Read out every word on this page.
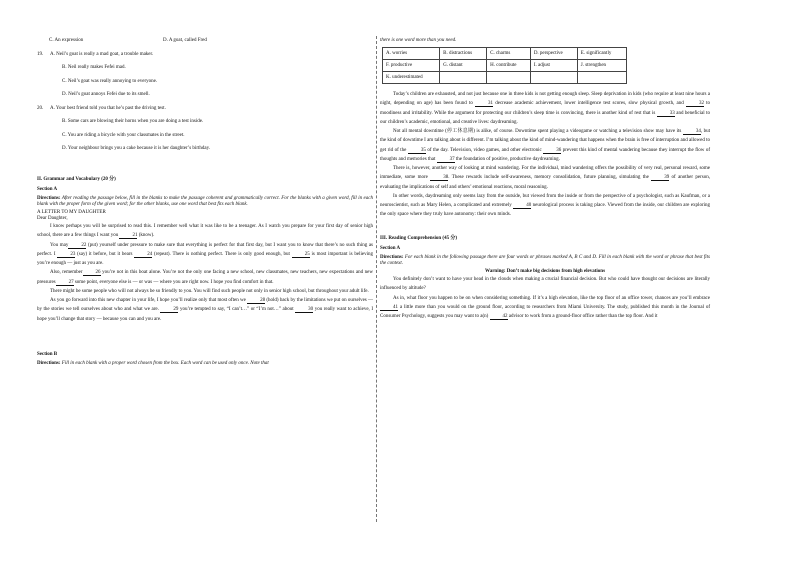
C. An expression	D. A goat, called Fred
19. A. Neil’s goat is really a mad goat, a trouble maker.
B. Neil really makes Fefei mad.
C. Neil’s goat was really annoying to everyone.
D. Neil’s goat annoys Fefei due to its smell.
20. A. Your best friend told you that he’s past the driving test.
B. Some cars are blowing their horns when you are doing a test inside.
C. You are riding a bicycle with your classmates in the street.
D. Your neighbour brings you a cake because it is her daughter’s birthday.
II. Grammar and Vocabulary (20 分)
Section A

Directions: After reading the passage below, fill in the blanks to make the passage coherent and grammatically correct. For the blanks with a given word, fill in each blank with the proper form of the given word; for the other blanks, use one word that best fits each blank.

A LETTER TO MY DAUGHTER

Dear Daughter,

I know perhaps you will be surprised to read this. I remember well what it was like to be a teenager. As I watch you prepare for your first day of senior high school, there are a few things I want you	21 (know).

You may	22 (put) yourself under pressure to make sure that everything is perfect for that first day, but I want you to know that there’s no such thing as perfect. I	23 (say) it before, but it bears	24 (repeat). There is nothing perfect. There is only good enough, but	25 is most important is believing you’re enough — just as you are.

Also, remember	26 you’re not in this boat alone. You’re not the only one facing a new school, new classmates, new teachers, new expectations and new pressures	27 some point, everyone else is — or was — where you are right now. I hope you find comfort in that.

There might be some people who will not always be so friendly to you. You will find such people not only in senior high school, but throughout your adult life.

As you go forward into this new chapter in your life, I hope you’ll realize only that most often we	28 (hold) back by the limitations we put on ourselves — by the stories we tell ourselves about who and what we are.	29 you’re tempted to say, “I can’t…” or “I’m not…” about	30 you really want to achieve, I hope you’ll change that story — because you can and you are.

Section B

Directions: Fill in each blank with a proper word chosen from the box. Each word can be used only once. Note that

there is one word more than you need.

A. worries	B. distractions	C. charms	D. perspective	E. significantly
F. productive	G. distant	H. contribute	I. adjust	J. strengthen
K. underestimated				

Today’s children are exhausted, and not just because one in three kids is not getting enough sleep. Sleep deprivation in kids (who require at least nine hours a night, depending on age) has been found to	31 decrease academic achievement, lower intelligence test scores, slow physical growth, and	32 to moodiness and irritability. While the argument for protecting our children’s sleep time is convincing, there is another kind of rest that is	33 and beneficial to our children’s academic, emotional, and creative lives: daydreaming.

Not all mental downtime (停工休息期) is alike, of course. Downtime spent playing a videogame or watching a television show may have its	34, but the kind of downtime I am talking about is different. I’m talking about the kind of mind-wandering that happens when the brain is free of interruption and allowed to get rid of the	35 of the day. Television, video games, and other electronic	36 prevent this kind of mental wandering because they interrupt the flow of thoughts and memories that	37 the foundation of positive, productive daydreaming.

There is, however, another way of looking at mind wandering. For the individual, mind wandering offers the possibility of very real, personal reward, some immediate, some more	38. These rewards include self-awareness, memory consolidation, future planning, simulating the	39 of another person, evaluating the implications of self and others’ emotional reactions, moral reasoning.

In other words, daydreaming only seems lazy from the outside, but viewed from the inside or from the perspective of a psychologist, such as Kaufman, or a neuroscientist, such as Mary Helen, a complicated and extremely	40 neurological process is taking place. Viewed from the inside, our children are exploring the only space where they truly have autonomy: their own minds.

III. Reading Comprehension (45 分)
Section A

Directions: For each blank in the following passage there are four words or phrases marked A, B C and D. Fill in each blank with the word or phrase that best fits the context.

Warning: Don’t make big decisions from high elevations

You definitely don’t want to have your head in the clouds when making a crucial financial decision. But who could have thought our decisions are literally influenced by altitude?

As in, what floor you happen to be on when considering something. If it’s a high elevation, like the top floor of an office tower, chances are you’ll embrace 41 a little more than you would on the ground floor, according to researchers from Miami University. The study, published this month in the Journal of Consumer Psychology, suggests you may want to a(n)	42 advisor to work from a ground-floor office rather than the top floor. And it
